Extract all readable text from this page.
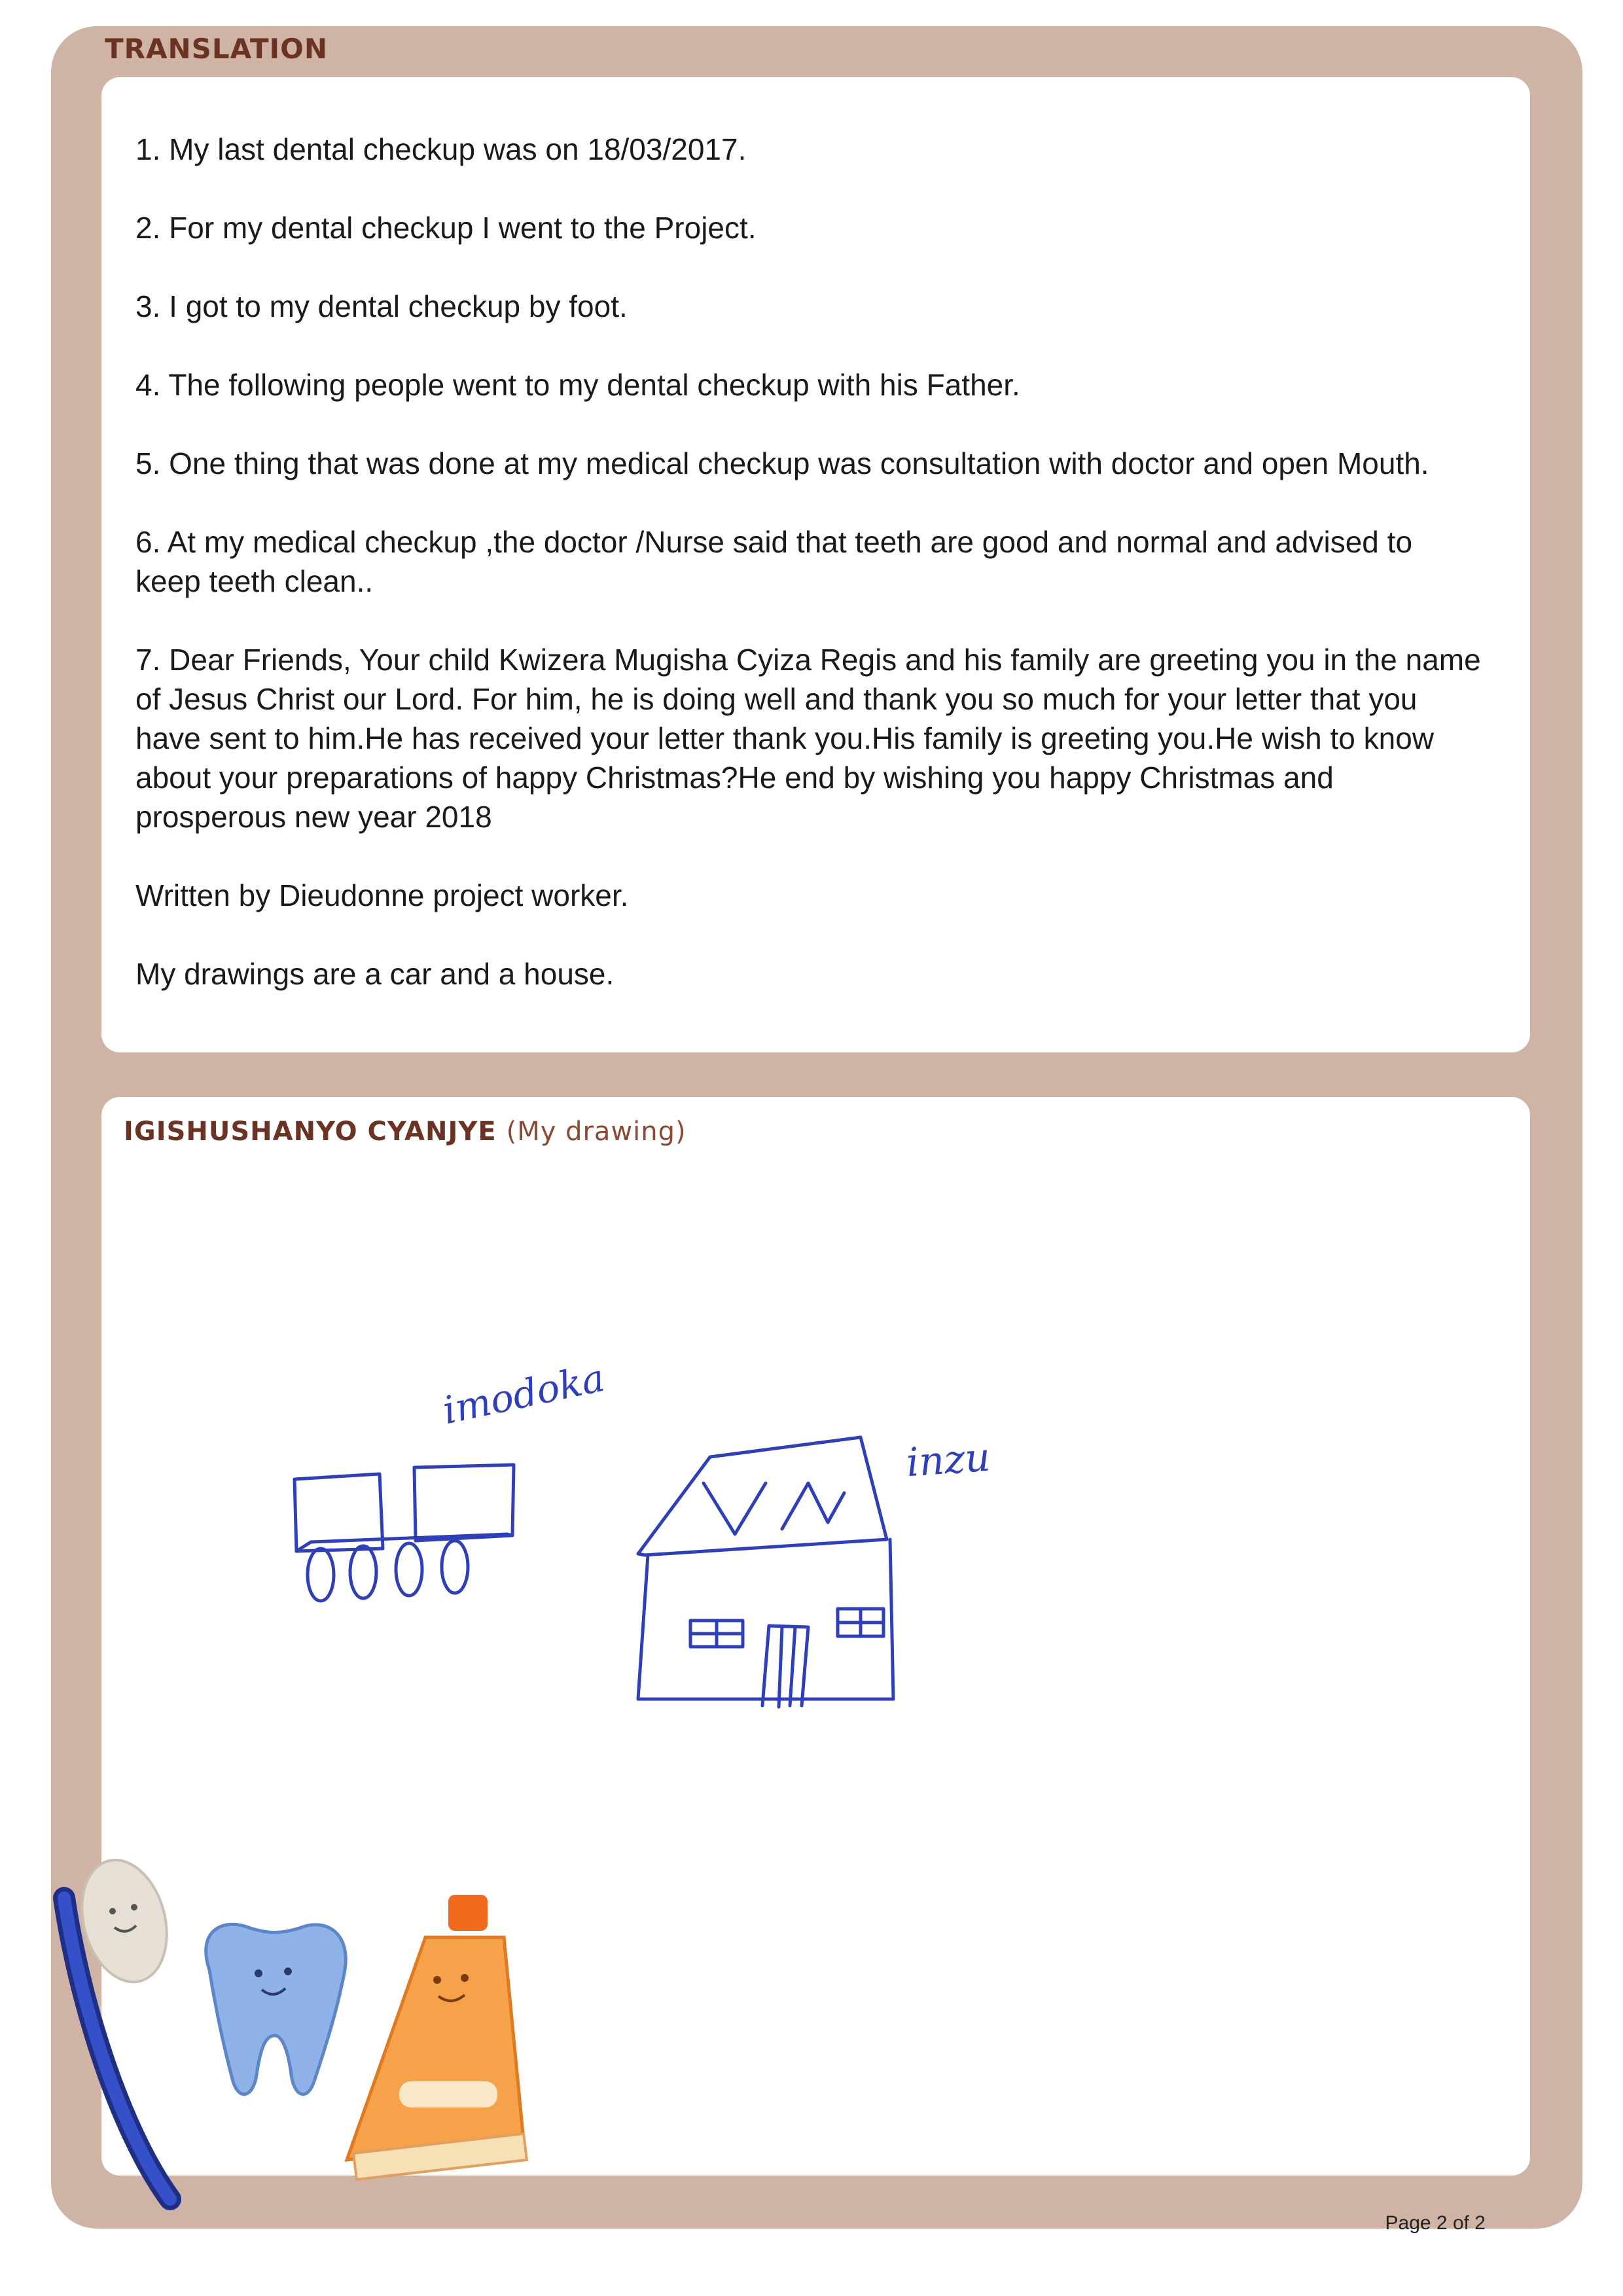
TRANSLATION

1. My last dental checkup was on 18/03/2017.

2. For my dental checkup I went to the Project.

3. I got to my dental checkup by foot.

4. The following people went to my dental checkup with his Father.

5. One thing that was done at my medical checkup was consultation with doctor and open Mouth.

6. At my medical checkup ,the doctor /Nurse said that teeth are good and normal and advised to keep teeth clean..

7. Dear Friends, Your child Kwizera Mugisha Cyiza Regis and his family are greeting you in the name of Jesus Christ our Lord. For him, he is doing well and thank you so much for your letter that you have sent to him.He has received your letter thank you.His family is greeting you.He wish to know about your preparations of happy Christmas?He end by wishing you happy Christmas and prosperous new year 2018

Written by Dieudonne project worker.

My drawings are a car and a house.

IGISHUSHANYO CYANJYE (My drawing)
imodoka
inzu
Page 2 of 2
